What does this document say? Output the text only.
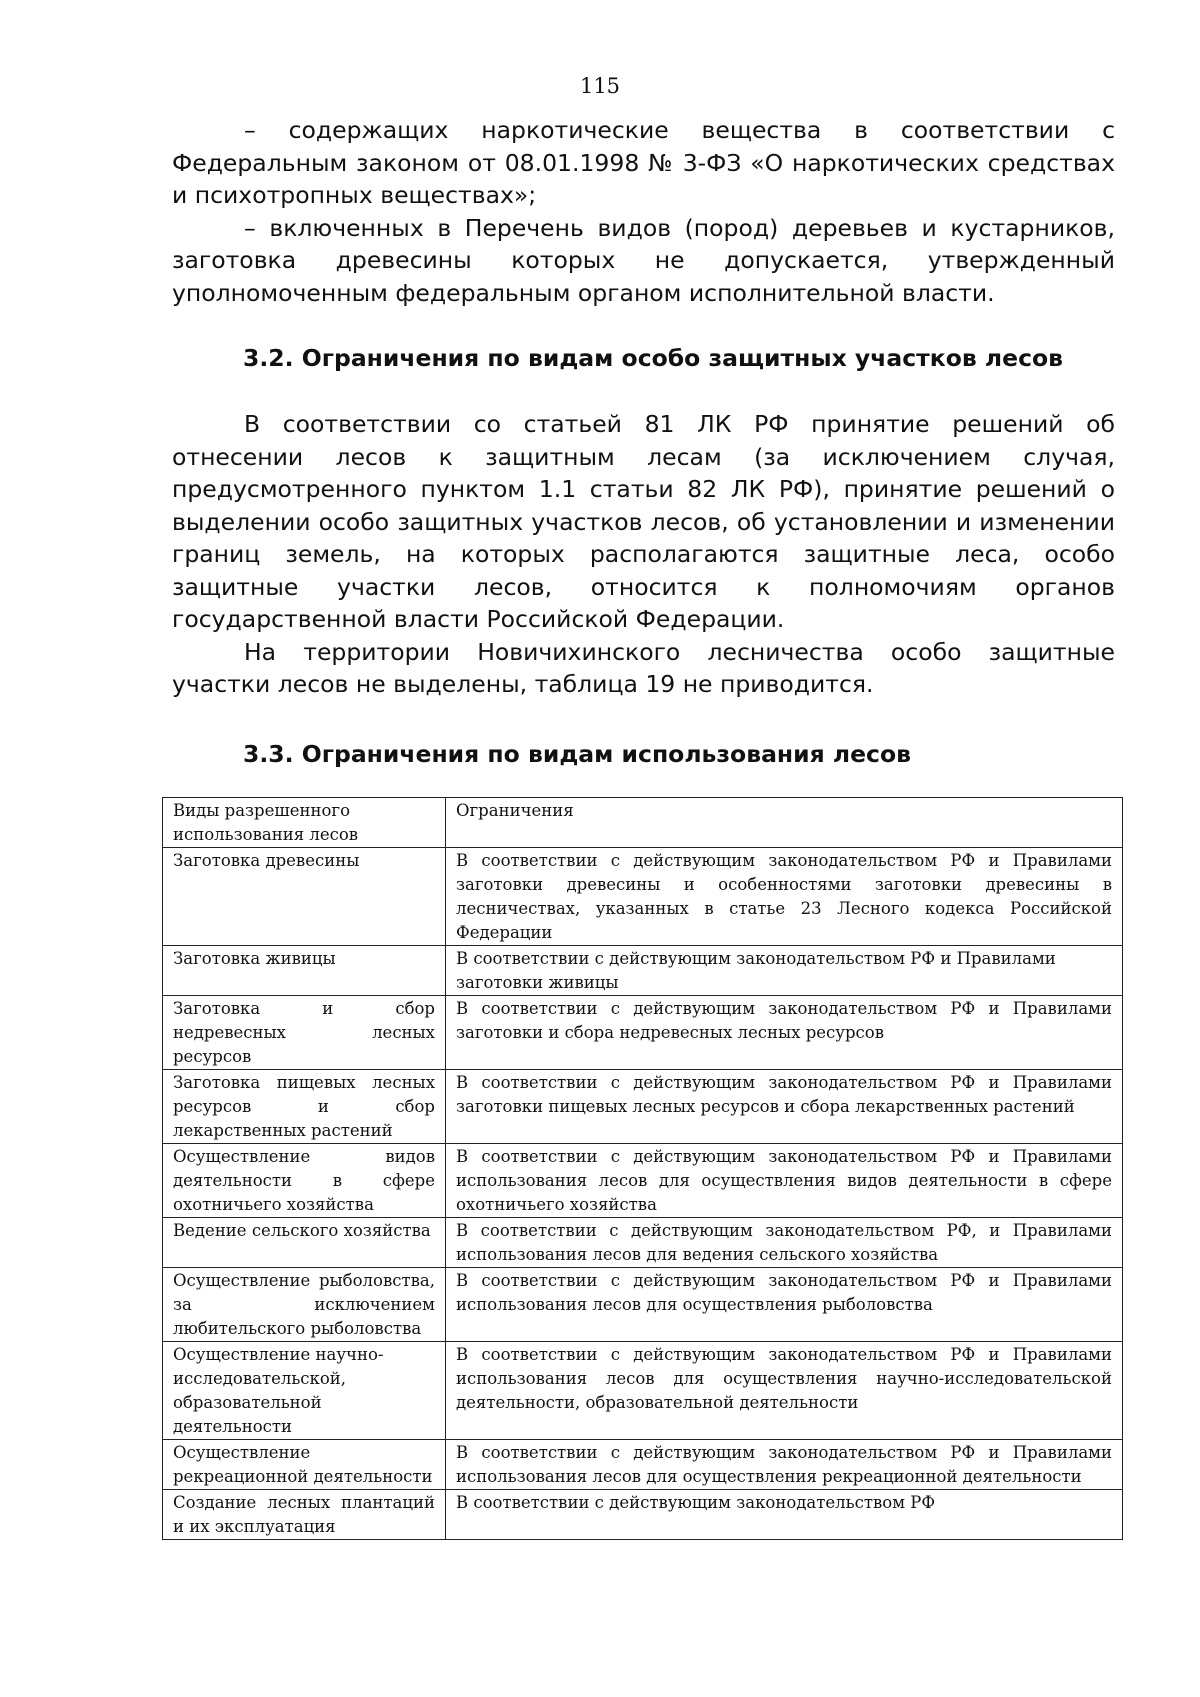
115

– содержащих наркотические вещества в соответствии с Федеральным законом от 08.01.1998 № 3-ФЗ «О наркотических средствах и психотропных веществах»;

– включенных в Перечень видов (пород) деревьев и кустарников, заготовка древесины которых не допускается, утвержденный уполномоченным федеральным органом исполнительной власти.

3.2. Ограничения по видам особо защитных участков лесов

В соответствии со статьей 81 ЛК РФ принятие решений об отнесении лесов к защитным лесам (за исключением случая, предусмотренного пунктом 1.1 статьи 82 ЛК РФ), принятие решений о выделении особо защитных участков лесов, об установлении и изменении границ земель, на которых располагаются защитные леса, особо защитные участки лесов, относится к полномочиям органов государственной власти Российской Федерации.

На территории Новичихинского лесничества особо защитные участки лесов не выделены, таблица 19 не приводится.

3.3. Ограничения по видам использования лесов
Виды разрешенного использования лесов	Ограничения
Заготовка древесины	В соответствии с действующим законодательством РФ и Правилами заготовки древесины и особенностями заготовки древесины в лесничествах, указанных в статье 23 Лесного кодекса Российской Федерации
Заготовка живицы	В соответствии с действующим законодательством РФ и Правилами заготовки живицы
Заготовка и сбор недревесных лесных ресурсов	В соответствии с действующим законодательством РФ и Правилами заготовки и сбора недревесных лесных ресурсов
Заготовка пищевых лесных ресурсов и сбор лекарственных растений	В соответствии с действующим законодательством РФ и Правилами заготовки пищевых лесных ресурсов и сбора лекарственных растений
Осуществление видов деятельности в сфере охотничьего хозяйства	В соответствии с действующим законодательством РФ и Правилами использования лесов для осуществления видов деятельности в сфере охотничьего хозяйства
Ведение сельского хозяйства	В соответствии с действующим законодательством РФ, и Правилами использования лесов для ведения сельского хозяйства
Осуществление рыболовства, за исключением любительского рыболовства	В соответствии с действующим законодательством РФ и Правилами использования лесов для осуществления рыболовства
Осуществление научно-исследовательской, образовательной деятельности	В соответствии с действующим законодательством РФ и Правилами использования лесов для осуществления научно-исследовательской деятельности, образовательной деятельности
Осуществление рекреационной деятельности	В соответствии с действующим законодательством РФ и Правилами использования лесов для осуществления рекреационной деятельности
Создание лесных плантаций и их эксплуатация	В соответствии с действующим законодательством РФ
